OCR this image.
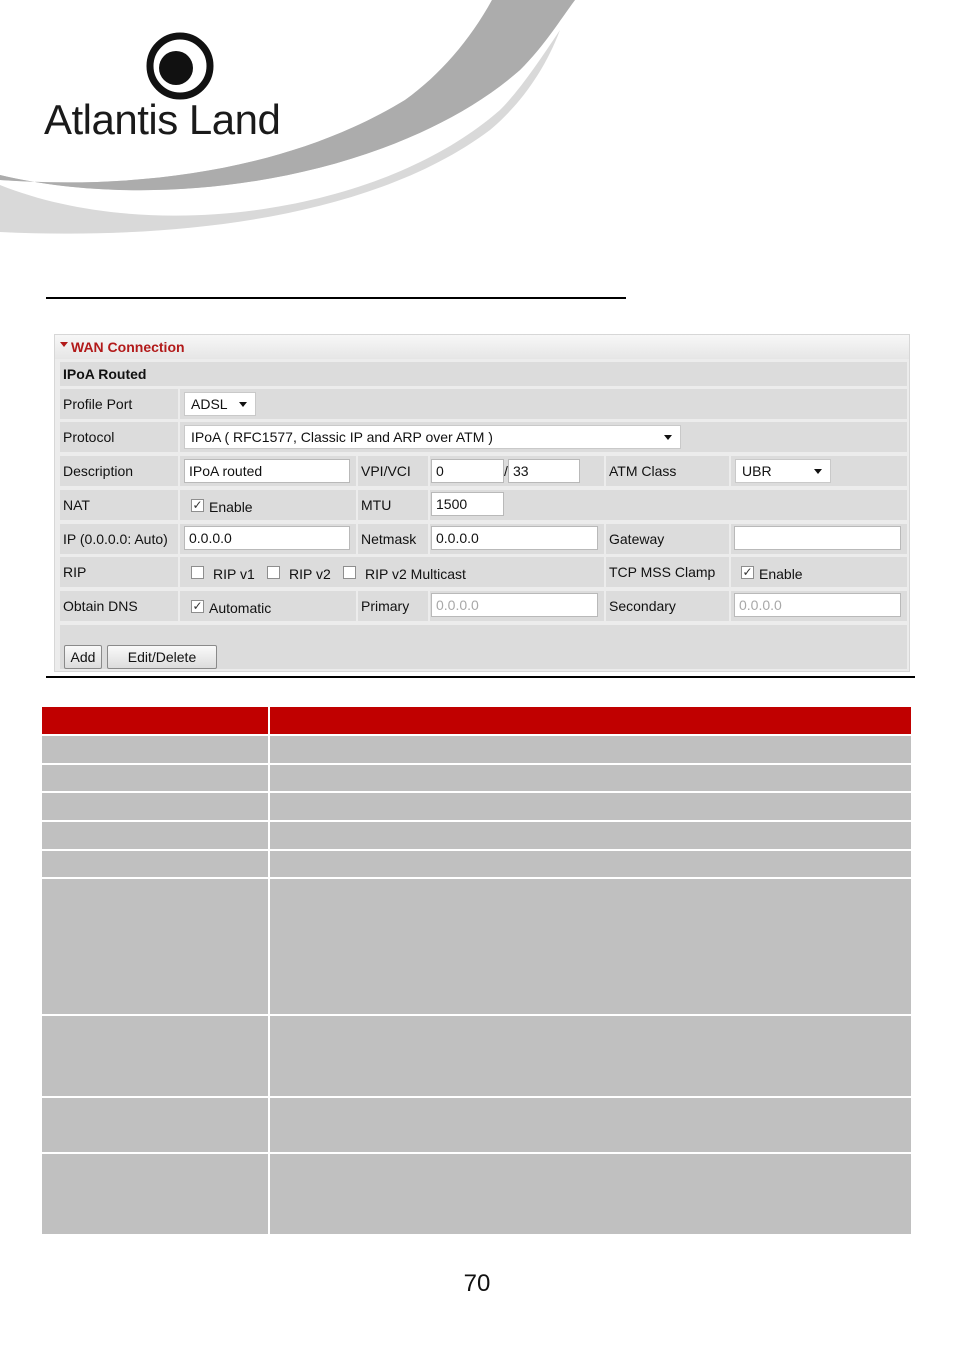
Atlantis Land
WAN Connection
IPoA Routed
Profile Port	ADSL
Protocol	IPoA ( RFC1577, Classic IP and ARP over ATM )
Description	IPoA routed	VPI/VCI	0	/ 33	ATM Class	UBR
NAT	✓ Enable	MTU	1500
IP (0.0.0.0: Auto)	0.0.0.0	Netmask	0.0.0.0	Gateway
RIP	RIP v1 RIP v2 RIP v2 Multicast	TCP MSS Clamp	✓ Enable
Obtain DNS	✓ Automatic	Primary	0.0.0.0	Secondary	0.0.0.0
Add	Edit/Delete
70
